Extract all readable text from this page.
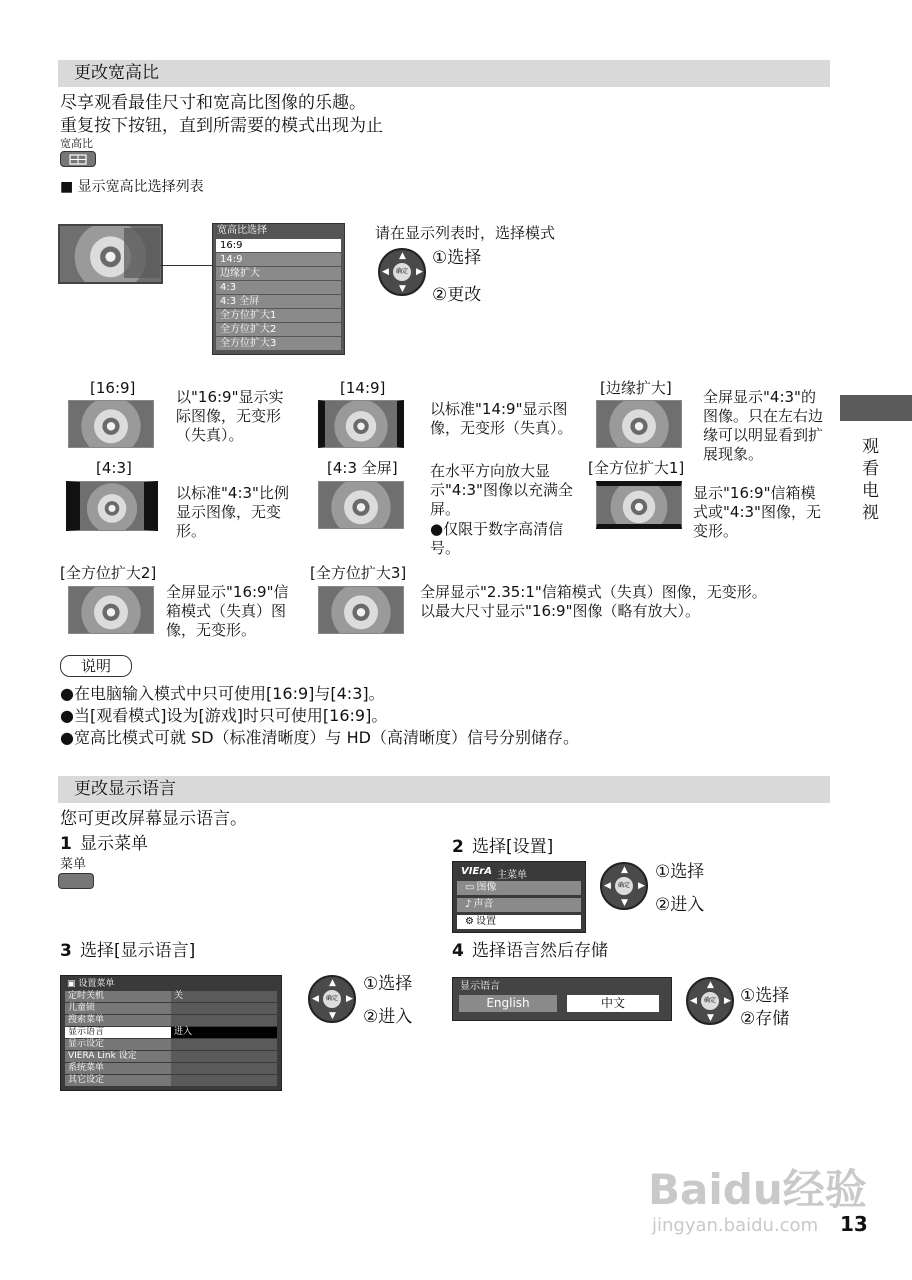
更改宽高比
尽享观看最佳尺寸和宽高比图像的乐趣。
重复按下按钮，直到所需要的模式出现为止
宽高比
■ 显示宽高比选择列表
宽高比选择
16:9
14:9
边缘扩大
4:3
4:3 全屏
全方位扩大1
全方位扩大2
全方位扩大3
请在显示列表时，选择模式
▲
▼
◀	▶
确定
①选择
②更改
[16:9]	以"16:9"显示实际图像，无变形（失真）。
[14:9]
以标准"14:9"显示图像，无变形（失真）。
[边缘扩大] 全屏显示"4:3"的图像。只在左右边缘可以明显看到扩展现象。
[4:3]
以标准"4:3"比例显示图像，无变形。
[4:3 全屏] 在水平方向放大显示"4:3"图像以充满全屏。
●仅限于数字高清信号。
[全方位扩大1]
显示"16:9"信箱模式或"4:3"图像，无变形。
[全方位扩大2]
全屏显示"16:9"信箱模式（失真）图像，无变形。
[全方位扩大3]
全屏显示"2.35:1"信箱模式（失真）图像，无变形。以最大尺寸显示"16:9"图像（略有放大）。
说明
●在电脑输入模式中只可使用[16:9]与[4:3]。
●当[观看模式]设为[游戏]时只可使用[16:9]。
●宽高比模式可就 SD（标准清晰度）与 HD（高清晰度）信号分别储存。
更改显示语言
您可更改屏幕显示语言。
1 显示菜单
菜单
2 选择[设置]
VIErA 主菜单
▭ 图像
♪ 声音
⚙ 设置
▲
▼
◀	▶
确定
①选择
②进入
3 选择[显示语言]
▣ 设置菜单
定时关机	关
儿童锁
搜索菜单
显示语言	进入
显示设定
VIERA Link 设定
系统菜单
其它设定
▲
▼
◀	▶
确定
①选择
②进入
4 选择语言然后存储
显示语言
English	中文
▲
▼
◀	▶
确定 ①选择
②存储
观
看
电
视
Baidu经验
jingyan.baidu.com 13
